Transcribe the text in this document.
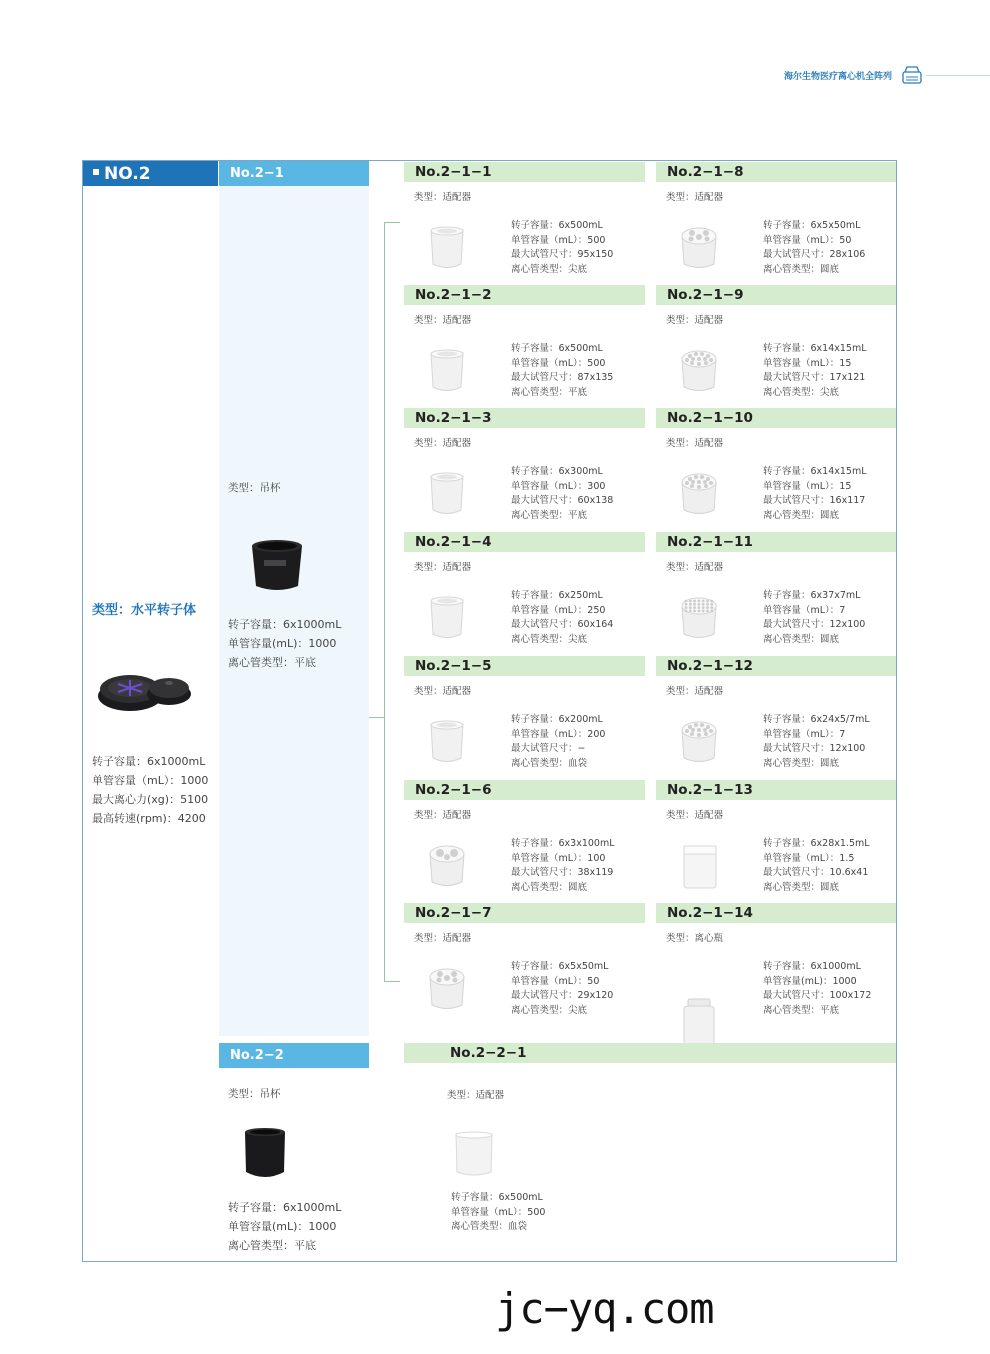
海尔生物医疗离心机全阵列
NO.2	No.2−1
No.2−2
类型：水平转子体
转子容量：6x1000mL
单管容量（mL）：1000
最大离心力(xg)：5100
最高转速(rpm)：4200
类型：吊杯
转子容量：6x1000mL
单管容量(mL)：1000
离心管类型：平底
类型：吊杯
转子容量：6x1000mL
单管容量(mL)：1000
离心管类型：平底
No.2−1−1
类型：适配器
转子容量：6x500mL
单管容量（mL）：500
最大试管尺寸：95x150
离心管类型：尖底
No.2−1−8
类型：适配器
转子容量：6x5x50mL
单管容量（mL）：50
最大试管尺寸：28x106
离心管类型：圆底
No.2−1−2
类型：适配器
转子容量：6x500mL
单管容量（mL）：500
最大试管尺寸：87x135
离心管类型：平底
No.2−1−9
类型：适配器
转子容量：6x14x15mL
单管容量（mL）：15
最大试管尺寸：17x121
离心管类型：尖底
No.2−1−3
类型：适配器
转子容量：6x300mL
单管容量（mL）：300
最大试管尺寸：60x138
离心管类型：平底
No.2−1−10
类型：适配器
转子容量：6x14x15mL
单管容量（mL）：15
最大试管尺寸：16x117
离心管类型：圆底
No.2−1−4
类型：适配器
转子容量：6x250mL
单管容量（mL）：250
最大试管尺寸：60x164
离心管类型：尖底
No.2−1−11
类型：适配器
转子容量：6x37x7mL
单管容量（mL）：7
最大试管尺寸：12x100
离心管类型：圆底
No.2−1−5
类型：适配器
转子容量：6x200mL
单管容量（mL）：200
最大试管尺寸：−
离心管类型：血袋
No.2−1−12
类型：适配器
转子容量：6x24x5/7mL
单管容量（mL）：7
最大试管尺寸：12x100
离心管类型：圆底
No.2−1−6
类型：适配器
转子容量：6x3x100mL
单管容量（mL）：100
最大试管尺寸：38x119
离心管类型：圆底
No.2−1−13
类型：适配器
转子容量：6x28x1.5mL
单管容量（mL）：1.5
最大试管尺寸：10.6x41
离心管类型：圆底
No.2−1−7
类型：适配器
转子容量：6x5x50mL
单管容量（mL）：50
最大试管尺寸：29x120
离心管类型：尖底
No.2−1−14
类型：离心瓶
转子容量：6x1000mL
单管容量(mL)：1000
最大试管尺寸：100x172
离心管类型：平底
No.2−2−1
类型：适配器
转子容量：6x500mL
单管容量（mL）：500
离心管类型：血袋
jc−yq.com
